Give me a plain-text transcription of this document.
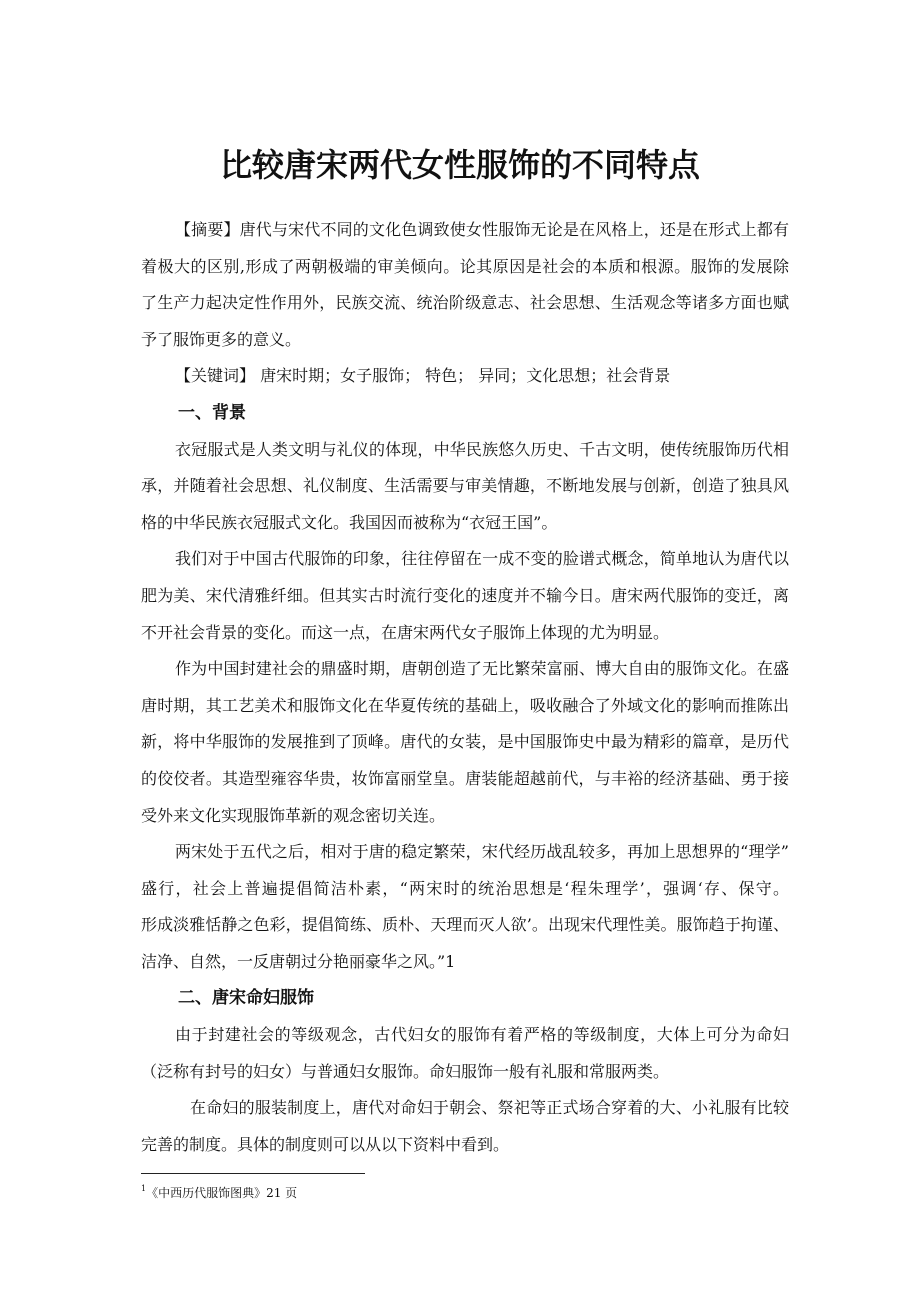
比较唐宋两代女性服饰的不同特点
【摘要】唐代与宋代不同的文化色调致使女性服饰无论是在风格上，还是在形式上都有
着极大的区别,形成了两朝极端的审美倾向。论其原因是社会的本质和根源。服饰的发展除
了生产力起决定性作用外，民族交流、统治阶级意志、社会思想、生活观念等诸多方面也赋
予了服饰更多的意义。
【关键词】 唐宋时期；女子服饰； 特色； 异同；文化思想；社会背景
一、背景
衣冠服式是人类文明与礼仪的体现，中华民族悠久历史、千古文明，使传统服饰历代相
承，并随着社会思想、礼仪制度、生活需要与审美情趣，不断地发展与创新，创造了独具风
格的中华民族衣冠服式文化。我国因而被称为“衣冠王国”。
我们对于中国古代服饰的印象，往往停留在一成不变的脸谱式概念，简单地认为唐代以
肥为美、宋代清雅纤细。但其实古时流行变化的速度并不输今日。唐宋两代服饰的变迁，离
不开社会背景的变化。而这一点，在唐宋两代女子服饰上体现的尤为明显。
作为中国封建社会的鼎盛时期，唐朝创造了无比繁荣富丽、博大自由的服饰文化。在盛
唐时期，其工艺美术和服饰文化在华夏传统的基础上，吸收融合了外域文化的影响而推陈出
新，将中华服饰的发展推到了顶峰。唐代的女装，是中国服饰史中最为精彩的篇章，是历代
的佼佼者。其造型雍容华贵，妆饰富丽堂皇。唐装能超越前代，与丰裕的经济基础、勇于接
受外来文化实现服饰革新的观念密切关连。
两宋处于五代之后，相对于唐的稳定繁荣，宋代经历战乱较多，再加上思想界的“理学”
盛行，社会上普遍提倡简洁朴素，“两宋时的统治思想是‘程朱理学’，强调‘存、保守。
形成淡雅恬静之色彩，提倡简练、质朴、天理而灭人欲’。出现宋代理性美。服饰趋于拘谨、
洁净、自然，一反唐朝过分艳丽豪华之风。”1
二、唐宋命妇服饰
由于封建社会的等级观念，古代妇女的服饰有着严格的等级制度，大体上可分为命妇
（泛称有封号的妇女）与普通妇女服饰。命妇服饰一般有礼服和常服两类。
在命妇的服装制度上，唐代对命妇于朝会、祭祀等正式场合穿着的大、小礼服有比较
完善的制度。具体的制度则可以从以下资料中看到。
$^1$《中西历代服饰图典》21 页
